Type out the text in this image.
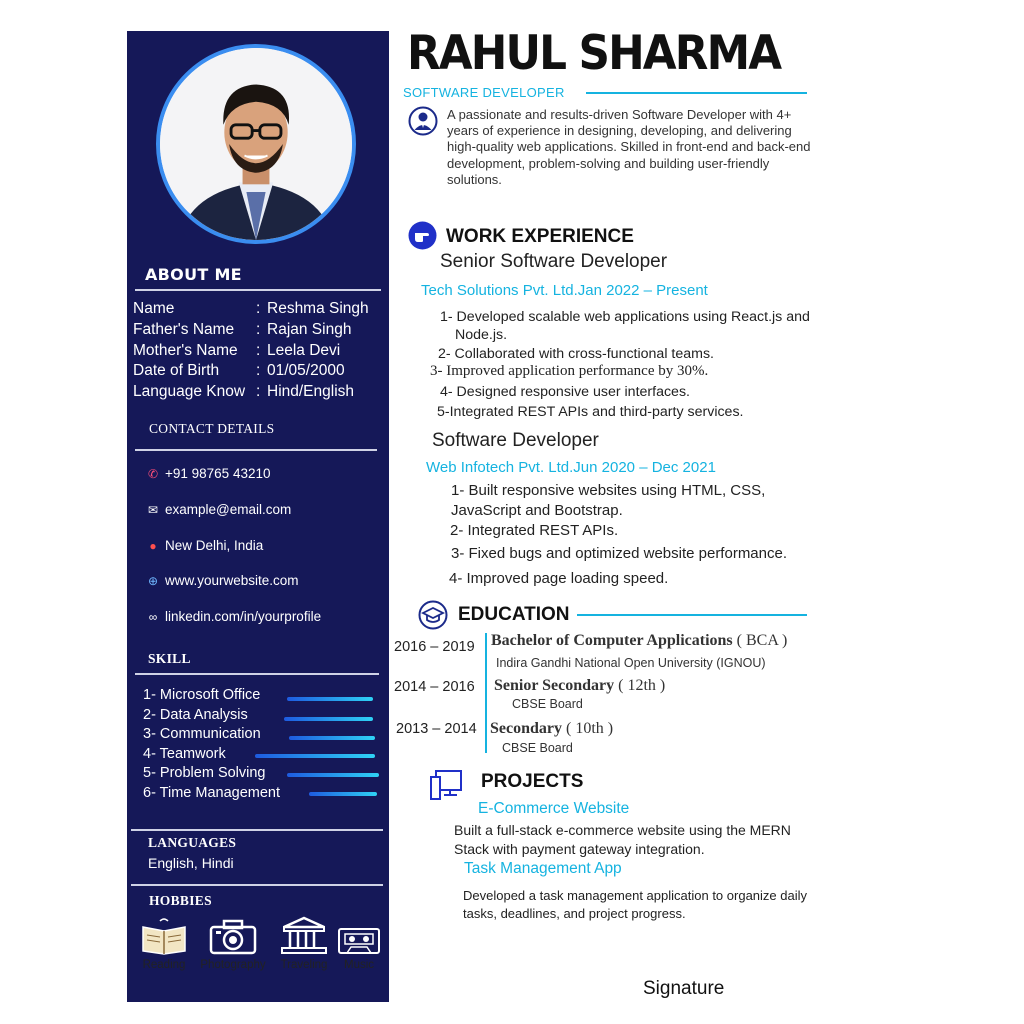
ABOUT ME
Name	: Reshma Singh
Father's Name : Rajan Singh
Mother's Name : Leela Devi
Date of Birth : 01/05/2000
Language Know : Hind/English
CONTACT DETAILS
✆ +91 98765 43210
✉ example@email.com
● New Delhi, India
⊕ www.yourwebsite.com
∞ linkedin.com/in/yourprofile
SKILL
1- Microsoft Office
2- Data Analysis
3- Communication
4- Teamwork
5- Problem Solving
6- Time Management
LANGUAGES
English, Hindi
HOBBIES
Reading	Photography	Traveling	Music
RAHUL SHARMA
SOFTWARE DEVELOPER
A passionate and results-driven Software Developer with 4+ years of experience in designing, developing, and delivering high-quality web applications. Skilled in front-end and back-end development, problem-solving and building user-friendly solutions.
WORK EXPERIENCE
Senior Software Developer
Tech Solutions Pvt. Ltd.Jan 2022 – Present
1- Developed scalable web applications using React.js and Node.js.
2- Collaborated with cross-functional teams.
3- Improved application performance by 30%.
4- Designed responsive user interfaces.
5-Integrated REST APIs and third-party services.
Software Developer
Web Infotech Pvt. Ltd.Jun 2020 – Dec 2021
1- Built responsive websites using HTML, CSS, JavaScript and Bootstrap.
2- Integrated REST APIs.
3- Fixed bugs and optimized website performance.
4- Improved page loading speed.
EDUCATION
2016 – 2019 Bachelor of Computer Applications ( BCA )
Indira Gandhi National Open University (IGNOU)
2014 – 2016 Senior Secondary ( 12th )
CBSE Board
2013 – 2014 Secondary ( 10th )
CBSE Board
PROJECTS
E-Commerce Website
Built a full-stack e-commerce website using the MERN Stack with payment gateway integration.
Task Management App
Developed a task management application to organize daily tasks, deadlines, and project progress.
Signature
